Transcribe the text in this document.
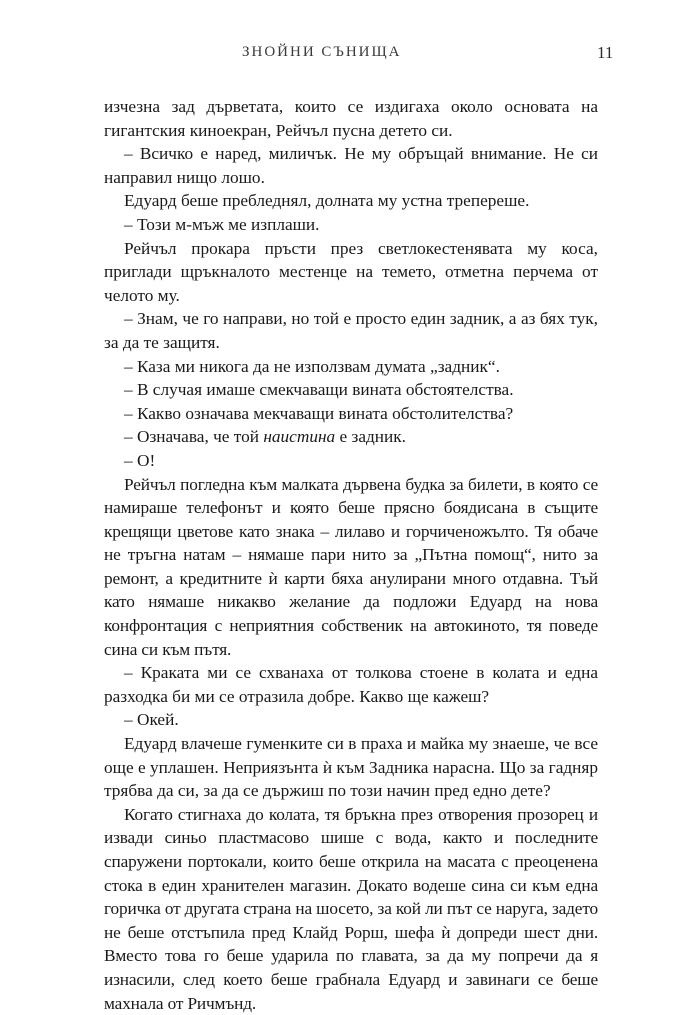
ЗНОЙНИ СЪНИЩА	11

изчезна зад дърветата, които се издигаха около основата на гигантския киноекран, Рейчъл пусна детето си.

– Всичко е наред, миличък. Не му обръщай внимание. Не си направил нищо лошо.

Едуард беше пребледнял, долната му устна трепереше.

– Този м-мъж ме изплаши.

Рейчъл прокара пръсти през светлокестенявата му коса, приглади щръкналото местенце на темето, отметна перчема от челото му.

– Знам, че го направи, но той е просто един задник, а аз бях тук, за да те защитя.

– Каза ми никога да не използвам думата „задник“.

– В случая имаше смекчаващи вината обстоятелства.

– Какво означава мекчаващи вината обстолителства?

– Означава, че той наистина е задник.

– О!

Рейчъл погледна към малката дървена будка за билети, в която се намираше телефонът и която беше прясно боядисана в същите крещящи цветове като знака – лилаво и горчиченожълто. Тя обаче не тръгна натам – нямаше пари нито за „Пътна помощ“, нито за ремонт, а кредитните ѝ карти бяха анулирани много отдавна. Тъй като нямаше никакво желание да подложи Едуард на нова конфронтация с неприятния собственик на автокиното, тя поведе сина си към пътя.

– Краката ми се схванаха от толкова стоене в колата и една разходка би ми се отразила добре. Какво ще кажеш?

– Окей.

Едуард влачеше гуменките си в праха и майка му знаеше, че все още е уплашен. Неприязънта ѝ към Задника нарасна. Що за гадняр трябва да си, за да се държиш по този начин пред едно дете?

Когато стигнаха до колата, тя бръкна през отворения прозорец и извади синьо пластмасово шише с вода, както и последните спаружени портокали, които беше открила на масата с преоценена стока в един хранителен магазин. Докато водеше сина си към една горичка от другата страна на шосето, за кой ли път се наруга, задето не беше отстъпила пред Клайд Рорш, шефа ѝ допреди шест дни. Вместо това го беше ударила по главата, за да му попречи да я изнасили, след което беше грабнала Едуард и завинаги се беше махнала от Ричмънд.
